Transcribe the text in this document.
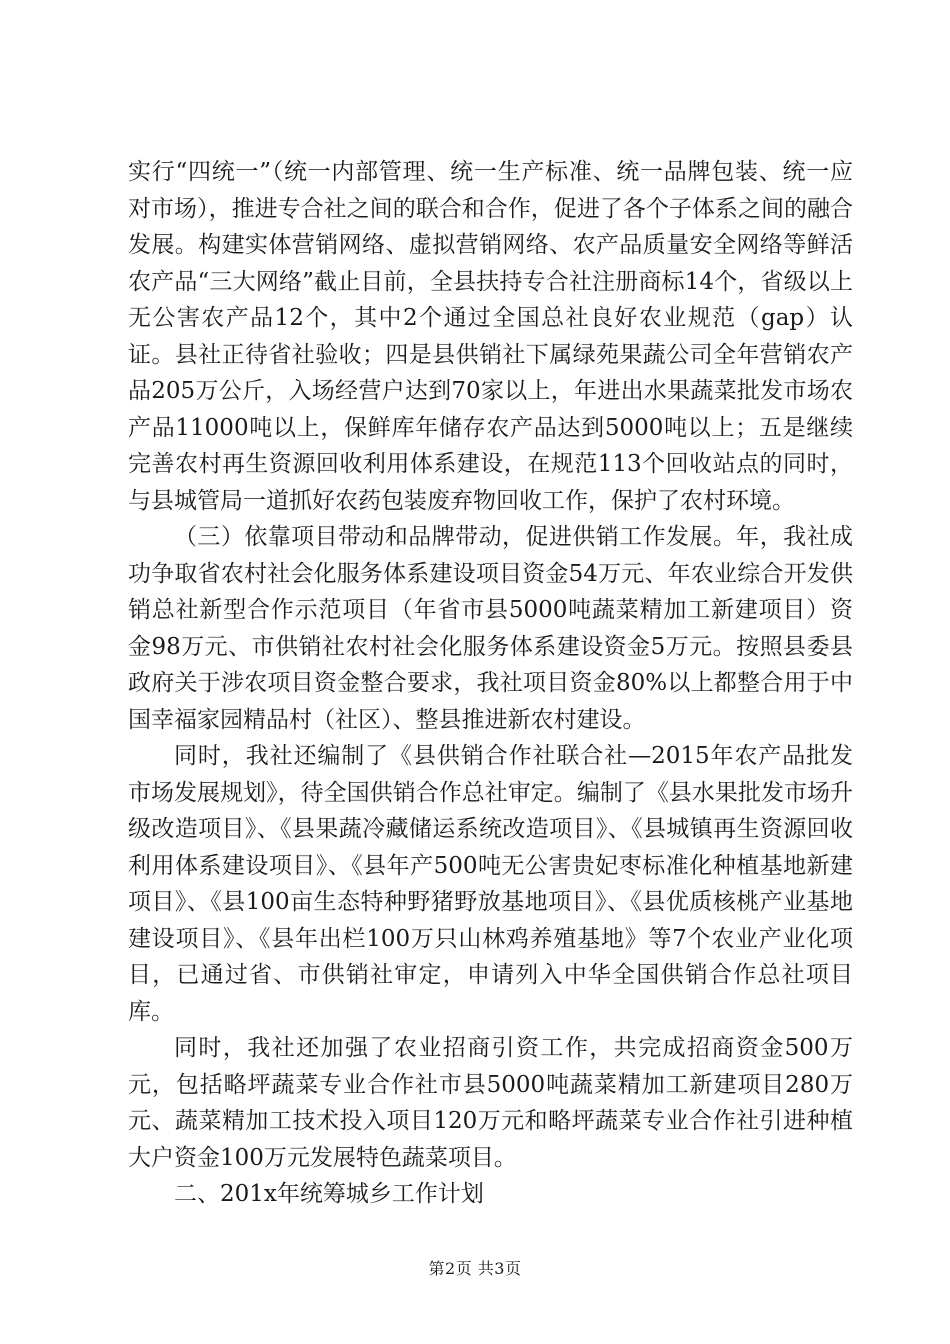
实行“四统一”（统一内部管理、统一生产标准、统一品牌包装、统一应对市场），推进专合社之间的联合和合作，促进了各个子体系之间的融合发展。构建实体营销网络、虚拟营销网络、农产品质量安全网络等鲜活农产品“三大网络”截止目前，全县扶持专合社注册商标14个，省级以上无公害农产品12个，其中2个通过全国总社良好农业规范（gap）认证。县社正待省社验收；四是县供销社下属绿苑果蔬公司全年营销农产品205万公斤，入场经营户达到70家以上，年进出水果蔬菜批发市场农产品11000吨以上，保鲜库年储存农产品达到5000吨以上；五是继续完善农村再生资源回收利用体系建设，在规范113个回收站点的同时，与县城管局一道抓好农药包装废弃物回收工作，保护了农村环境。

（三）依靠项目带动和品牌带动，促进供销工作发展。年，我社成功争取省农村社会化服务体系建设项目资金54万元、年农业综合开发供销总社新型合作示范项目（年省市县5000吨蔬菜精加工新建项目）资金98万元、市供销社农村社会化服务体系建设资金5万元。按照县委县政府关于涉农项目资金整合要求，我社项目资金80%以上都整合用于中国幸福家园精品村（社区）、整县推进新农村建设。

同时，我社还编制了《县供销合作社联合社—2015年农产品批发市场发展规划》，待全国供销合作总社审定。编制了《县水果批发市场升级改造项目》、《县果蔬冷藏储运系统改造项目》、《县城镇再生资源回收利用体系建设项目》、《县年产500吨无公害贵妃枣标准化种植基地新建项目》、《县100亩生态特种野猪野放基地项目》、《县优质核桃产业基地建设项目》、《县年出栏100万只山林鸡养殖基地》等7个农业产业化项目，已通过省、市供销社审定，申请列入中华全国供销合作总社项目库。

同时，我社还加强了农业招商引资工作，共完成招商资金500万元，包括略坪蔬菜专业合作社市县5000吨蔬菜精加工新建项目280万元、蔬菜精加工技术投入项目120万元和略坪蔬菜专业合作社引进种植大户资金100万元发展特色蔬菜项目。

二、201x年统筹城乡工作计划

第2页 共3页
